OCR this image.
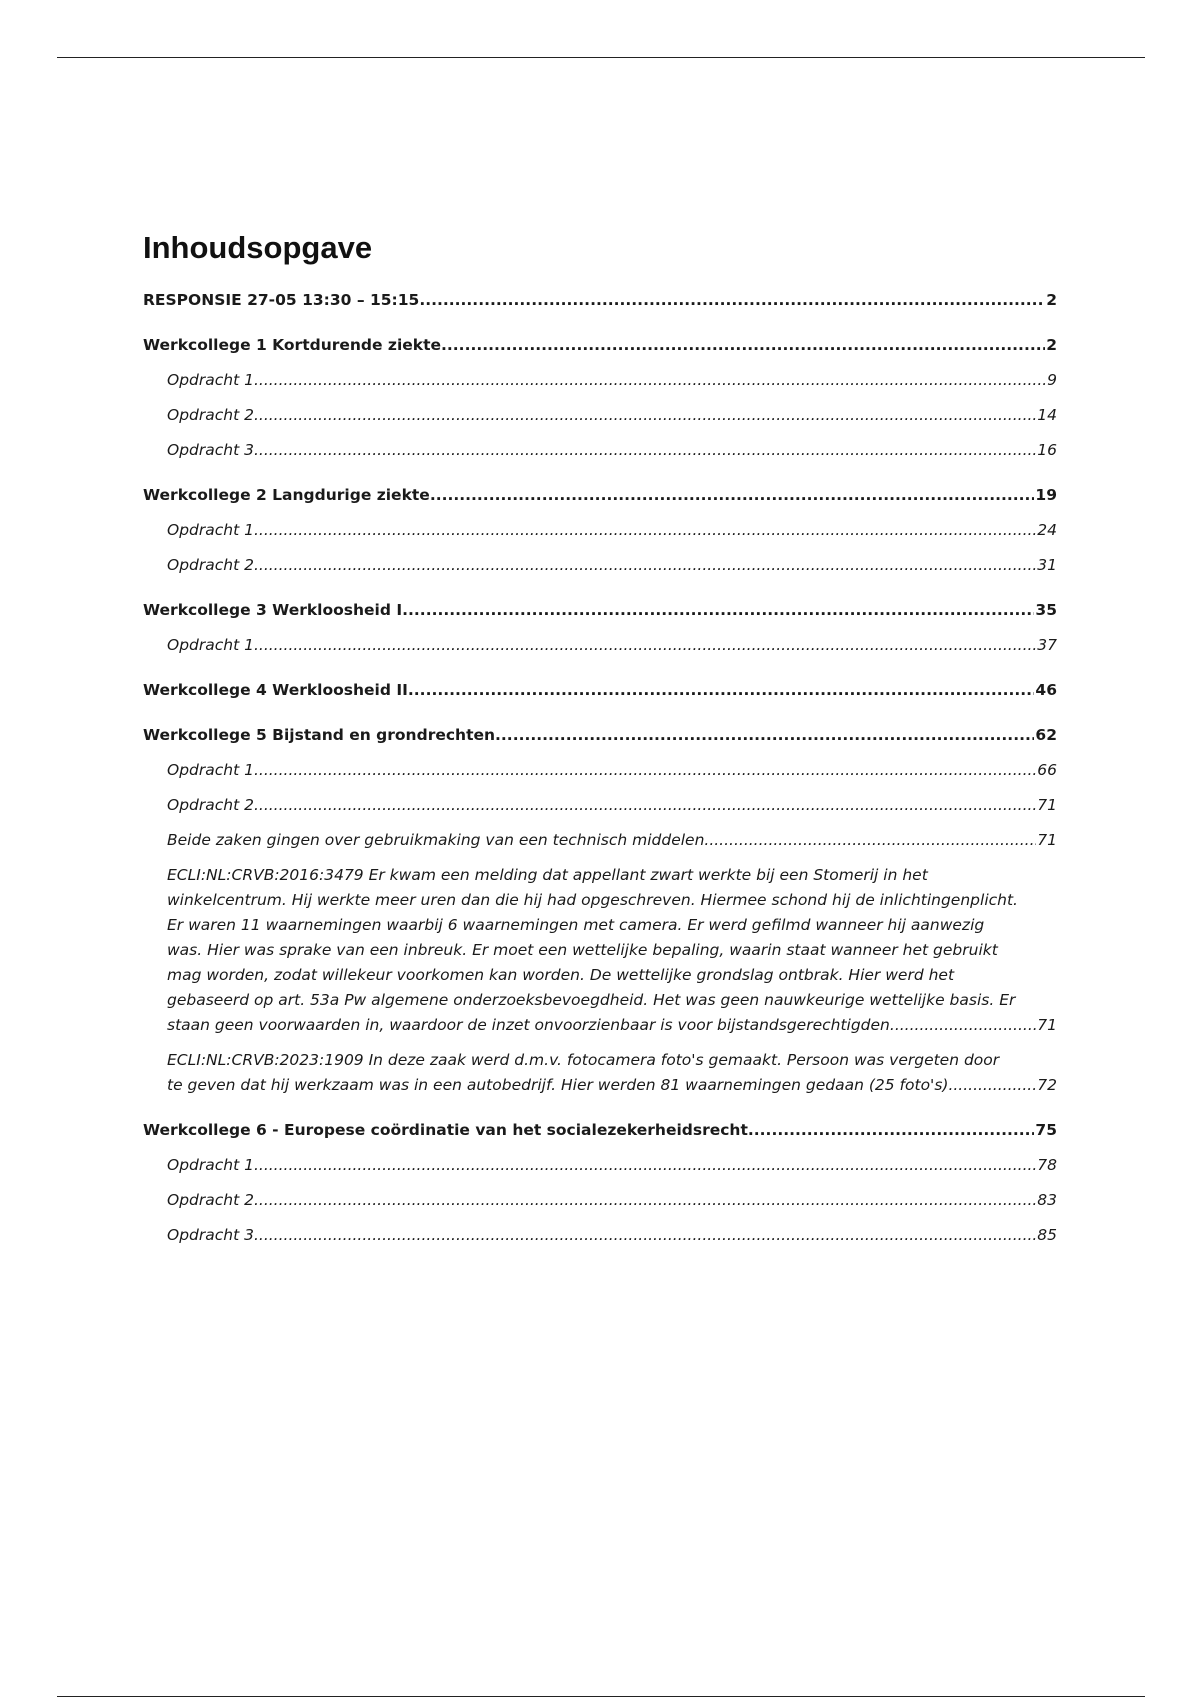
Inhoudsopgave
RESPONSIE 27-05 13:30 – 15:15 .....	2
Werkcollege 1 Kortdurende ziekte .....	2
Opdracht 1 .....	9
Opdracht 2 .....	14
Opdracht 3 .....	16
Werkcollege 2 Langdurige ziekte .....	19
Opdracht 1 .....	24
Opdracht 2 .....	31
Werkcollege 3 Werkloosheid I .....	35
Opdracht 1 .....	37
Werkcollege 4 Werkloosheid II .....	46
Werkcollege 5 Bijstand en grondrechten .....	62
Opdracht 1 .....	66
Opdracht 2 .....	71
Beide zaken gingen over gebruikmaking van een technisch middelen. .....	71
ECLI:NL:CRVB:2016:3479 Er kwam een melding dat appellant zwart werkte bij een Stomerij in het
winkelcentrum. Hij werkte meer uren dan die hij had opgeschreven. Hiermee schond hij de inlichtingenplicht.
Er waren 11 waarnemingen waarbij 6 waarnemingen met camera. Er werd gefilmd wanneer hij aanwezig
was. Hier was sprake van een inbreuk. Er moet een wettelijke bepaling, waarin staat wanneer het gebruikt
mag worden, zodat willekeur voorkomen kan worden. De wettelijke grondslag ontbrak. Hier werd het
gebaseerd op art. 53a Pw algemene onderzoeksbevoegdheid. Het was geen nauwkeurige wettelijke basis. Er
staan geen voorwaarden in, waardoor de inzet onvoorzienbaar is voor bijstandsgerechtigden. .....	71
ECLI:NL:CRVB:2023:1909 In deze zaak werd d.m.v. fotocamera foto's gemaakt. Persoon was vergeten door
te geven dat hij werkzaam was in een autobedrijf. Hier werden 81 waarnemingen gedaan (25 foto's). .....	72
Werkcollege 6 - Europese coördinatie van het socialezekerheidsrecht .....	75
Opdracht 1 .....	78
Opdracht 2 .....	83
Opdracht 3 .....	85
